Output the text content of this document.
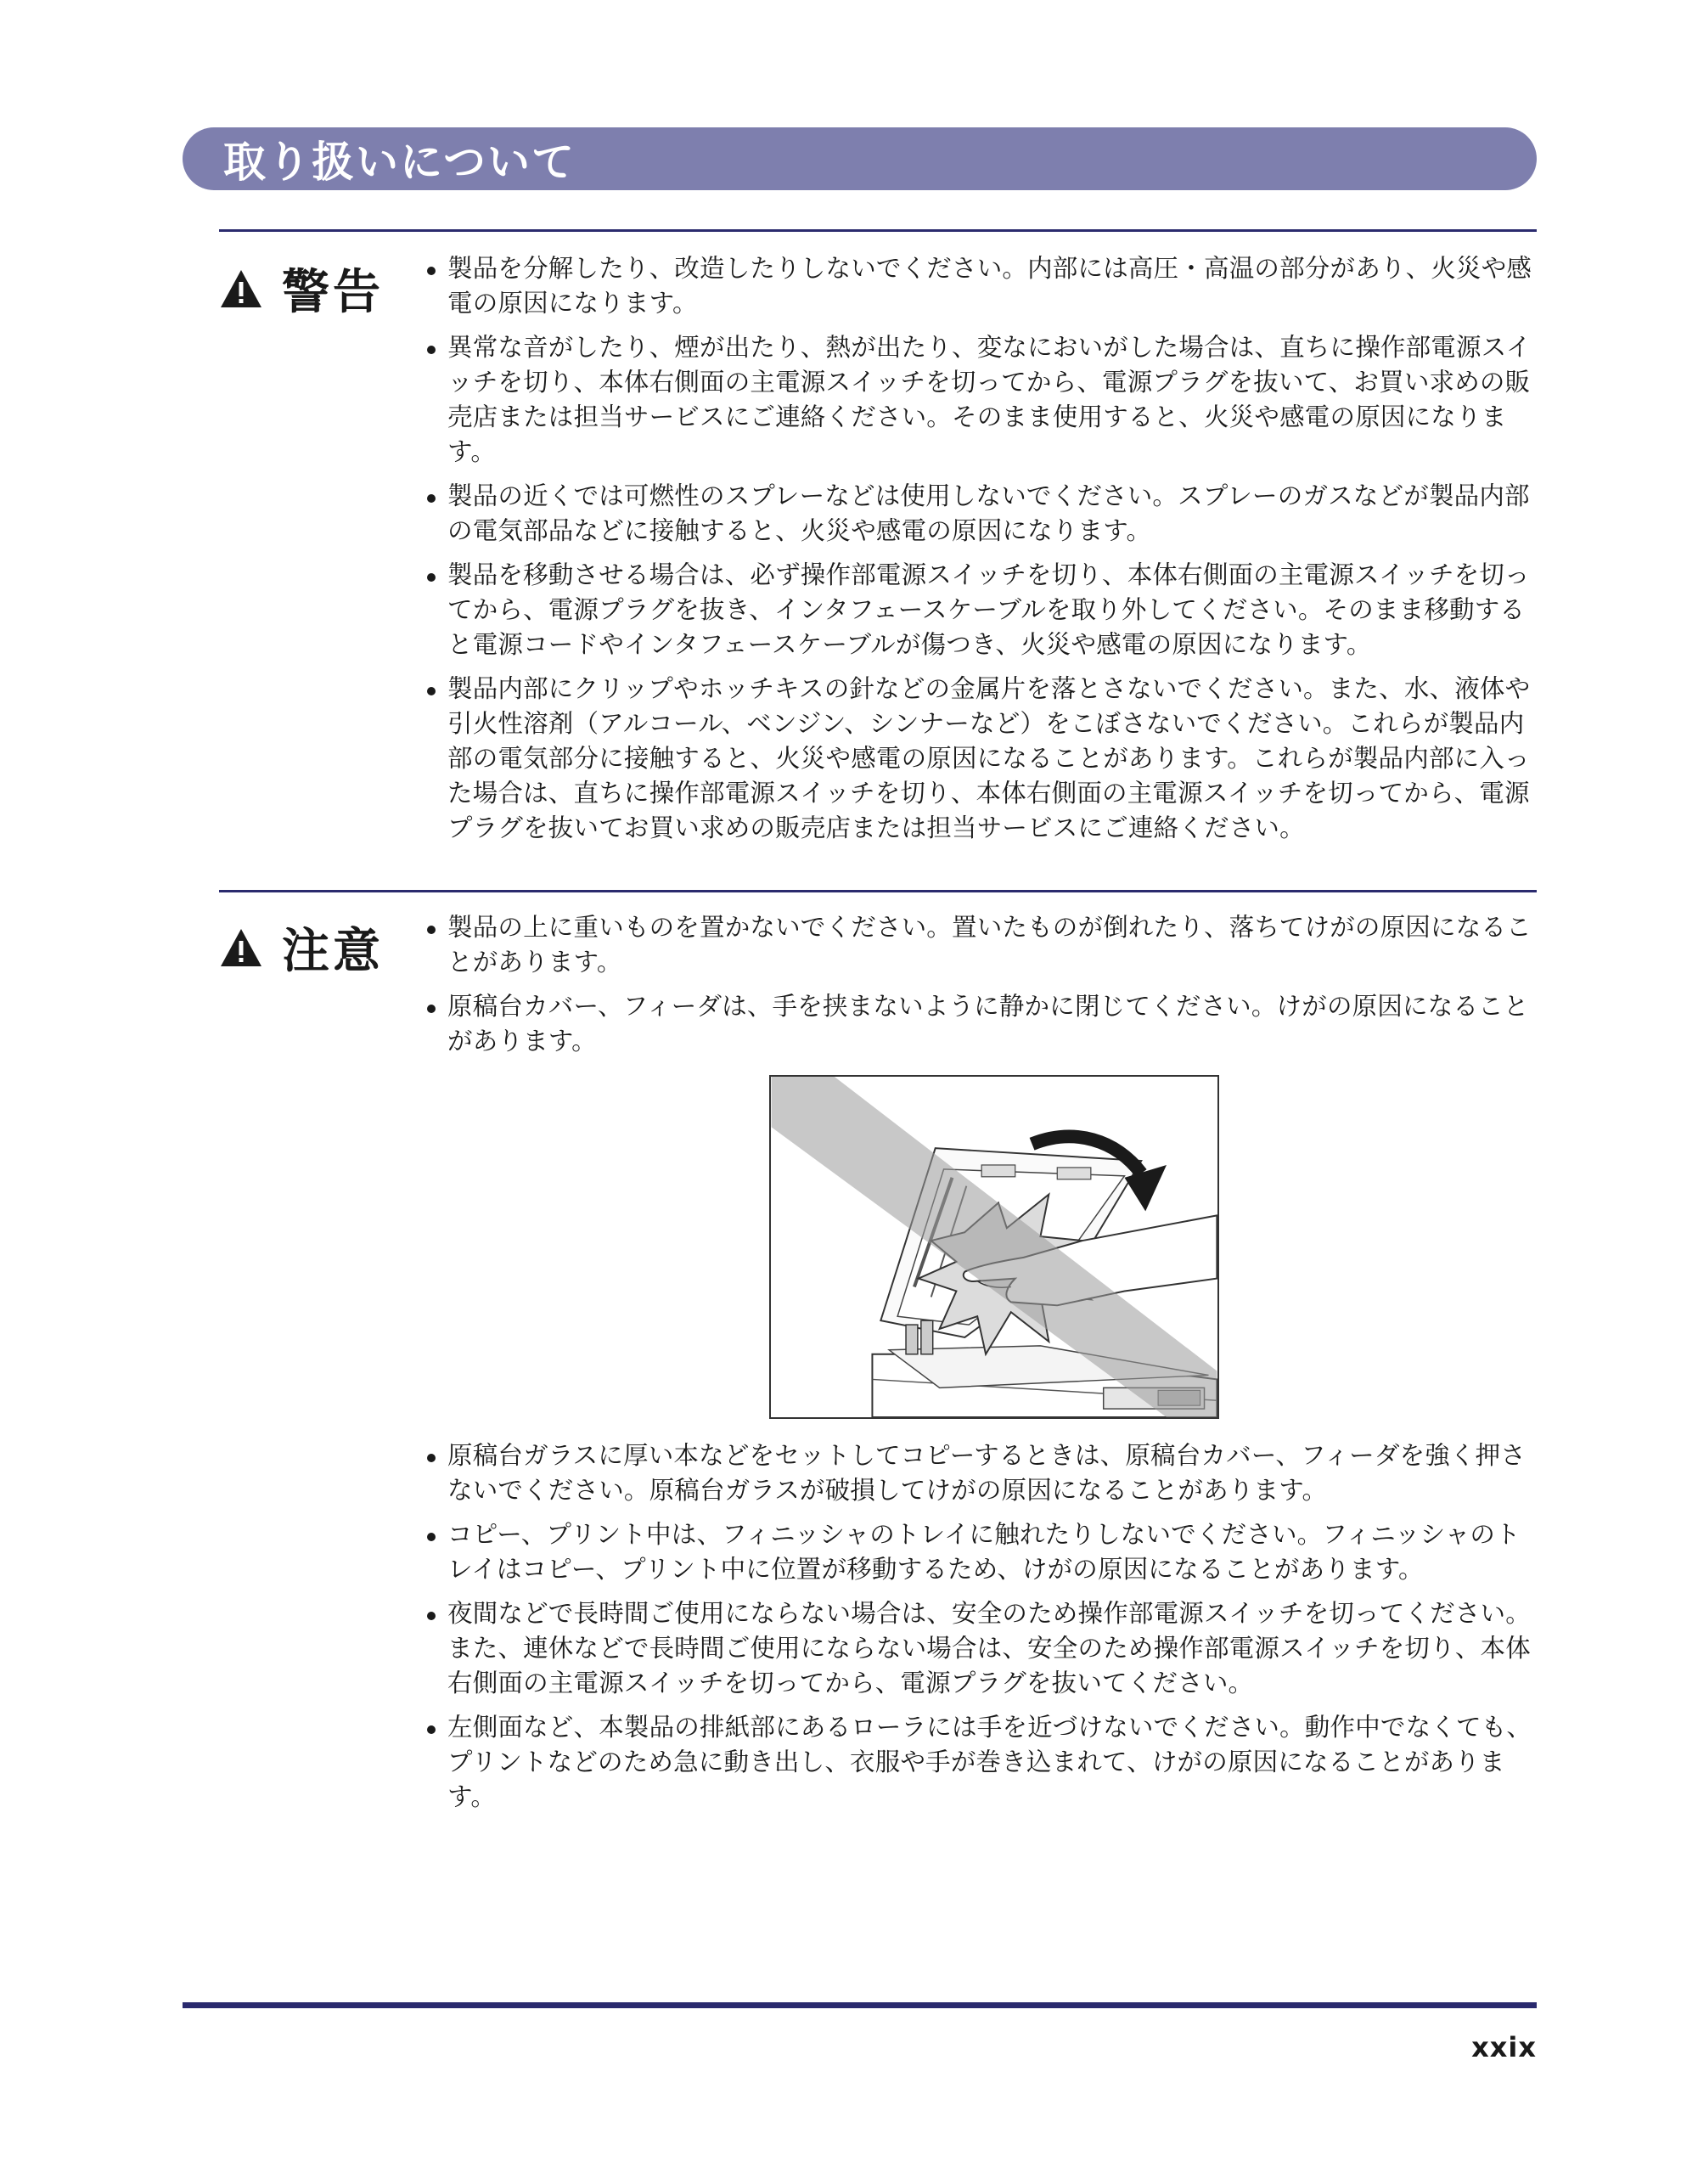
取り扱いについて
警告	製品を分解したり、改造したりしないでください。内部には高圧・高温の部分があり、火災や感電の原因になります。
異常な音がしたり、煙が出たり、熱が出たり、変なにおいがした場合は、直ちに操作部電源スイッチを切り、本体右側面の主電源スイッチを切ってから、電源プラグを抜いて、お買い求めの販売店または担当サービスにご連絡ください。そのまま使用すると、火災や感電の原因になります。
製品の近くでは可燃性のスプレーなどは使用しないでください。スプレーのガスなどが製品内部の電気部品などに接触すると、火災や感電の原因になります。
製品を移動させる場合は、必ず操作部電源スイッチを切り、本体右側面の主電源スイッチを切ってから、電源プラグを抜き、インタフェースケーブルを取り外してください。そのまま移動すると電源コードやインタフェースケーブルが傷つき、火災や感電の原因になります。
製品内部にクリップやホッチキスの針などの金属片を落とさないでください。また、水、液体や引火性溶剤（アルコール、ベンジン、シンナーなど）をこぼさないでください。これらが製品内部の電気部分に接触すると、火災や感電の原因になることがあります。これらが製品内部に入った場合は、直ちに操作部電源スイッチを切り、本体右側面の主電源スイッチを切ってから、電源プラグを抜いてお買い求めの販売店または担当サービスにご連絡ください。
注意	製品の上に重いものを置かないでください。置いたものが倒れたり、落ちてけがの原因になることがあります。
原稿台カバー、フィーダは、手を挟まないように静かに閉じてください。けがの原因になることがあります。
原稿台ガラスに厚い本などをセットしてコピーするときは、原稿台カバー、フィーダを強く押さないでください。原稿台ガラスが破損してけがの原因になることがあります。
コピー、プリント中は、フィニッシャのトレイに触れたりしないでください。フィニッシャのトレイはコピー、プリント中に位置が移動するため、けがの原因になることがあります。
夜間などで長時間ご使用にならない場合は、安全のため操作部電源スイッチを切ってください。また、連休などで長時間ご使用にならない場合は、安全のため操作部電源スイッチを切り、本体右側面の主電源スイッチを切ってから、電源プラグを抜いてください。
左側面など、本製品の排紙部にあるローラには手を近づけないでください。動作中でなくても、プリントなどのため急に動き出し、衣服や手が巻き込まれて、けがの原因になることがあります。
xxix
